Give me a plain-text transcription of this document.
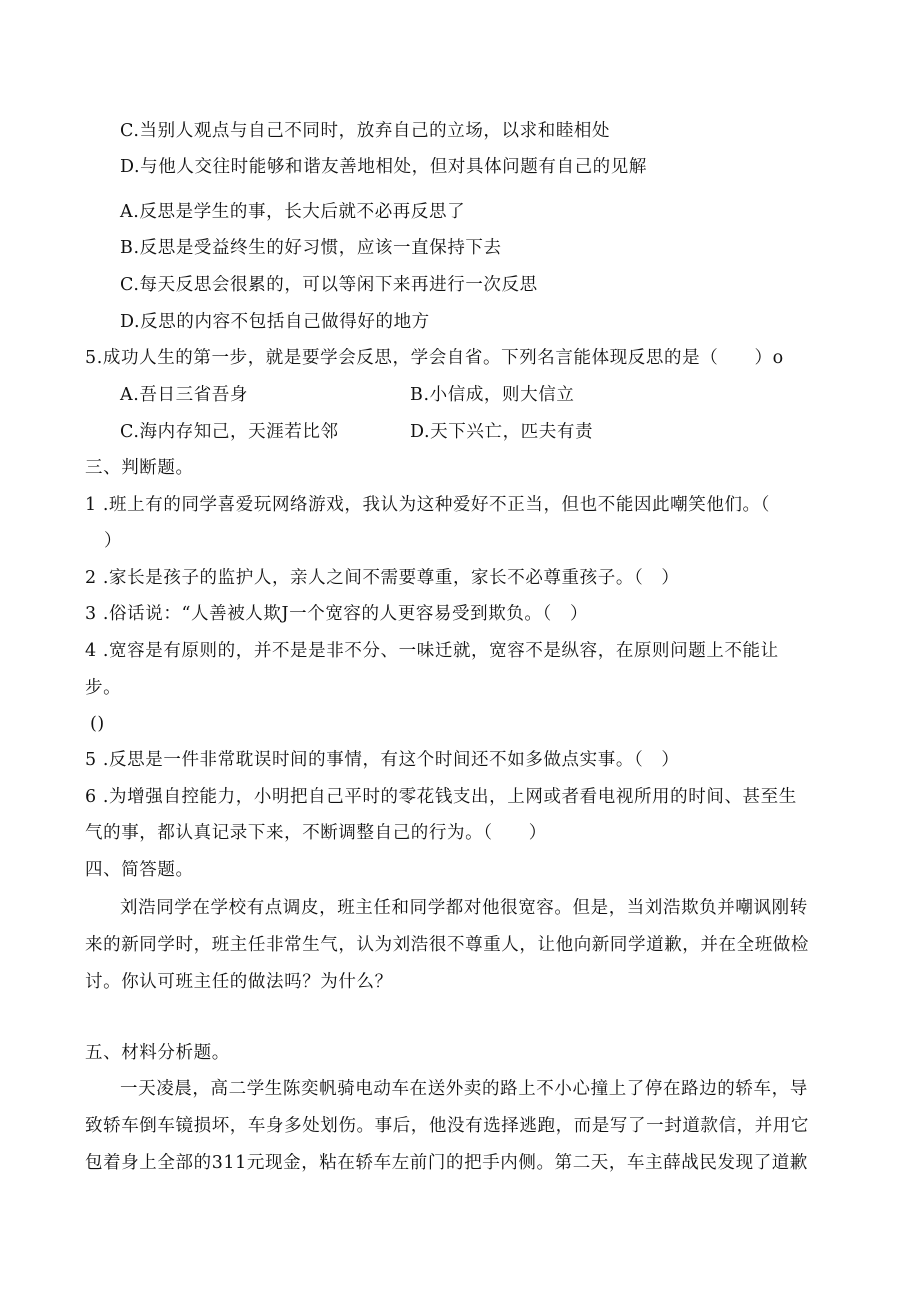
C.当别人观点与自己不同时，放弃自己的立场，以求和睦相处
D.与他人交往时能够和谐友善地相处，但对具体问题有自己的见解
A.反思是学生的事，长大后就不必再反思了
B.反思是受益终生的好习惯，应该一直保持下去
C.每天反思会很累的，可以等闲下来再进行一次反思
D.反思的内容不包括自己做得好的地方
5.成功人生的第一步，就是要学会反思，学会自省。下列名言能体现反思的是（　　）o
A.吾日三省吾身	B.小信成，则大信立
C.海内存知己，天涯若比邻	D.天下兴亡，匹夫有责
三、判断题。
1 .班上有的同学喜爱玩网络游戏，我认为这种爱好不正当，但也不能因此嘲笑他们。（
）
2 .家长是孩子的监护人，亲人之间不需要尊重，家长不必尊重孩子。（　）
3 .俗话说：“人善被人欺J一个宽容的人更容易受到欺负。（　）
4 .宽容是有原则的，并不是是非不分、一味迁就，宽容不是纵容，在原则问题上不能让
步。
()
5 .反思是一件非常耽误时间的事情，有这个时间还不如多做点实事。（　）
6 .为增强自控能力，小明把自己平时的零花钱支出，上网或者看电视所用的时间、甚至生
气的事，都认真记录下来，不断调整自己的行为。（　　）
四、简答题。
刘浩同学在学校有点调皮，班主任和同学都对他很宽容。但是，当刘浩欺负并嘲讽刚转
来的新同学时，班主任非常生气，认为刘浩很不尊重人，让他向新同学道歉，并在全班做检
讨。你认可班主任的做法吗？为什么？
五、材料分析题。
一天凌晨，高二学生陈奕帆骑电动车在送外卖的路上不小心撞上了停在路边的轿车，导
致轿车倒车镜损坏，车身多处划伤。事后，他没有选择逃跑，而是写了一封道款信，并用它
包着身上全部的311元现金，粘在轿车左前门的把手内侧。第二天，车主薛战民发现了道歉
